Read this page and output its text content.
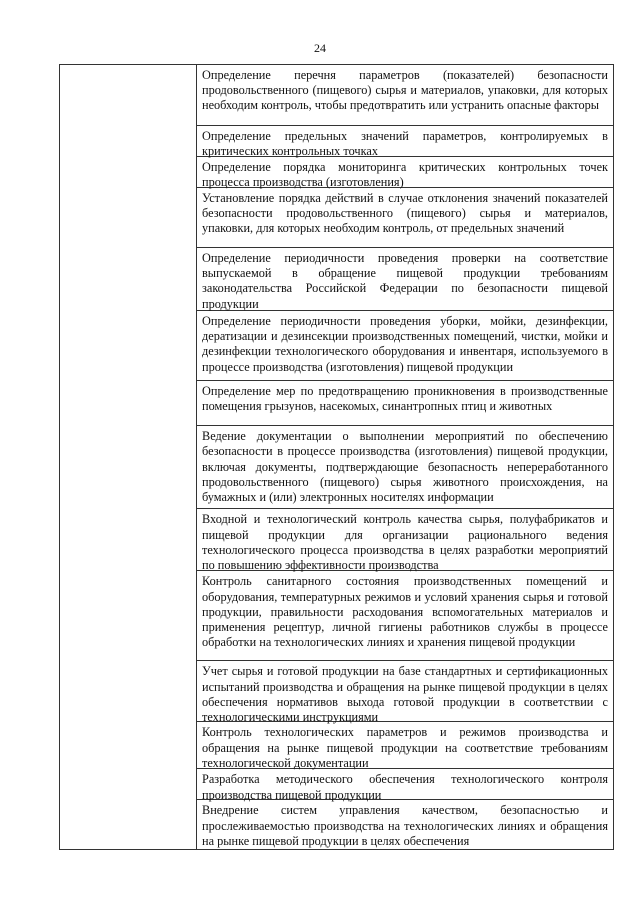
24
Определение перечня параметров (показателей) безопасности продовольственного (пищевого) сырья и материалов, упаковки, для которых необходим контроль, чтобы предотвратить или устранить опасные факторы
Определение предельных значений параметров, контролируемых в критических контрольных точках
Определение порядка мониторинга критических контрольных точек процесса производства (изготовления)
Установление порядка действий в случае отклонения значений показателей безопасности продовольственного (пищевого) сырья и материалов, упаковки, для которых необходим контроль, от предельных значений
Определение периодичности проведения проверки на соответствие выпускаемой в обращение пищевой продукции требованиям законодательства Российской Федерации по безопасности пищевой продукции
Определение периодичности проведения уборки, мойки, дезинфекции, дератизации и дезинсекции производственных помещений, чистки, мойки и дезинфекции технологического оборудования и инвентаря, используемого в процессе производства (изготовления) пищевой продукции
Определение мер по предотвращению проникновения в производственные помещения грызунов, насекомых, синантропных птиц и животных
Ведение документации о выполнении мероприятий по обеспечению безопасности в процессе производства (изготовления) пищевой продукции, включая документы, подтверждающие безопасность непереработанного продовольственного (пищевого) сырья животного происхождения, на бумажных и (или) электронных носителях информации
Входной и технологический контроль качества сырья, полуфабрикатов и пищевой продукции для организации рационального ведения технологического процесса производства в целях разработки мероприятий по повышению эффективности производства
Контроль санитарного состояния производственных помещений и оборудования, температурных режимов и условий хранения сырья и готовой продукции, правильности расходования вспомогательных материалов и применения рецептур, личной гигиены работников службы в процессе обработки на технологических линиях и хранения пищевой продукции
Учет сырья и готовой продукции на базе стандартных и сертификационных испытаний производства и обращения на рынке пищевой продукции в целях обеспечения нормативов выхода готовой продукции в соответствии с технологическими инструкциями
Контроль технологических параметров и режимов производства и обращения на рынке пищевой продукции на соответствие требованиям технологической документации
Разработка методического обеспечения технологического контроля производства пищевой продукции
Внедрение систем управления качеством, безопасностью и прослеживаемостью производства на технологических линиях и обращения на рынке пищевой продукции в целях обеспечения
